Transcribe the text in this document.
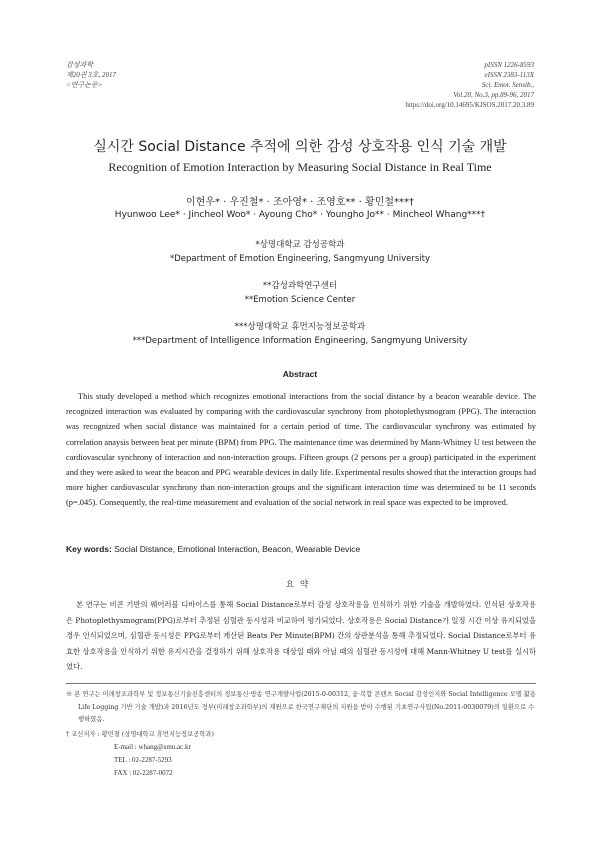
감성과학
제20권 3호, 2017
<연구논문>
pISSN 1226-8593
eISSN 2383-113X
Sci. Emot. Sensib.,
Vol.20, No.3, pp.89-96, 2017
https://doi.org/10.14695/KJSOS.2017.20.3.89
실시간 Social Distance 추적에 의한 감성 상호작용 인식 기술 개발
Recognition of Emotion Interaction by Measuring Social Distance in Real Time
이현우* · 우진철* · 조아영* · 조영호** · 황민철***†
Hyunwoo Lee* · Jincheol Woo* · Ayoung Cho* · Youngho Jo** · Mincheol Whang***†
*상명대학교 감성공학과
*Department of Emotion Engineering, Sangmyung University
**감성과학연구센터
**Emotion Science Center
***상명대학교 휴먼지능정보공학과
***Department of Intelligence Information Engineering, Sangmyung University
Abstract

This study developed a method which recognizes emotional interactions from the social distance by a beacon wearable device. The recognized interaction was evaluated by comparing with the cardiovascular synchrony from photoplethysmogram (PPG). The interaction was recognized when social distance was maintained for a certain period of time. The cardiovascular synchrony was estimated by correlation anaysis between beat per minute (BPM) from PPG. The maintenance time was determined by Mann-Whitney U test between the cardiovascular synchrony of interaction and non-interaction groups. Fifteen groups (2 persons per a group) participated in the experiment and they were asked to wear the beacon and PPG wearable devices in daily life. Experimental results showed that the interaction groups had more higher cardiovascular synchrony than non-interaction groups and the significant interaction time was determined to be 11 seconds (p=.045). Consequently, the real-time measurement and evaluation of the social network in real space was expected to be improved.

Key words: Social Distance, Emotional Interaction, Beacon, Wearable Device
요약

본 연구는 비콘 기반의 웨어러블 디바이스를 통해 Social Distance로부터 감성 상호작용을 인식하기 위한 기술을 개발하였다. 인식된 상호작용은 Photoplethysmogram(PPG)로부터 추정된 심혈관 동시성과 비교하여 평가되었다. 상호작용은 Social Distance가 일정 시간 이상 유지되었을 경우 인식되었으며, 심혈관 동시성은 PPG로부터 계산된 Beats Per Minute(BPM) 간의 상관분석을 통해 추정되었다. Social Distance로부터 유효한 상호작용을 인식하기 위한 유지시간을 결정하기 위해 상호작용 대상일 때와 아닐 때의 심혈관 동시성에 대해 Mann-Whitney U test를 실시하였다.

※ 본 연구는 미래창조과학부 및 정보통신기술진흥센터의 정보통신·방송 연구개발사업(2015-0-00312, 융·복합 콘텐츠 Social 감성인지와 Social Intelligence 모델 활용 Life Logging 기반 기술 개발)과 2016년도 정부(미래창조과학부)의 재원으로 한국연구재단의 지원을 받아 수행된 기초연구사업(No.2011-0030079)의 일환으로 수행하였음.

† 교신저자 : 황민철 (상명대학교 휴먼지능정보공학과)

E-mail : whang@smu.ac.kr

TEL : 02-2287-5293

FAX : 02-2287-0072
